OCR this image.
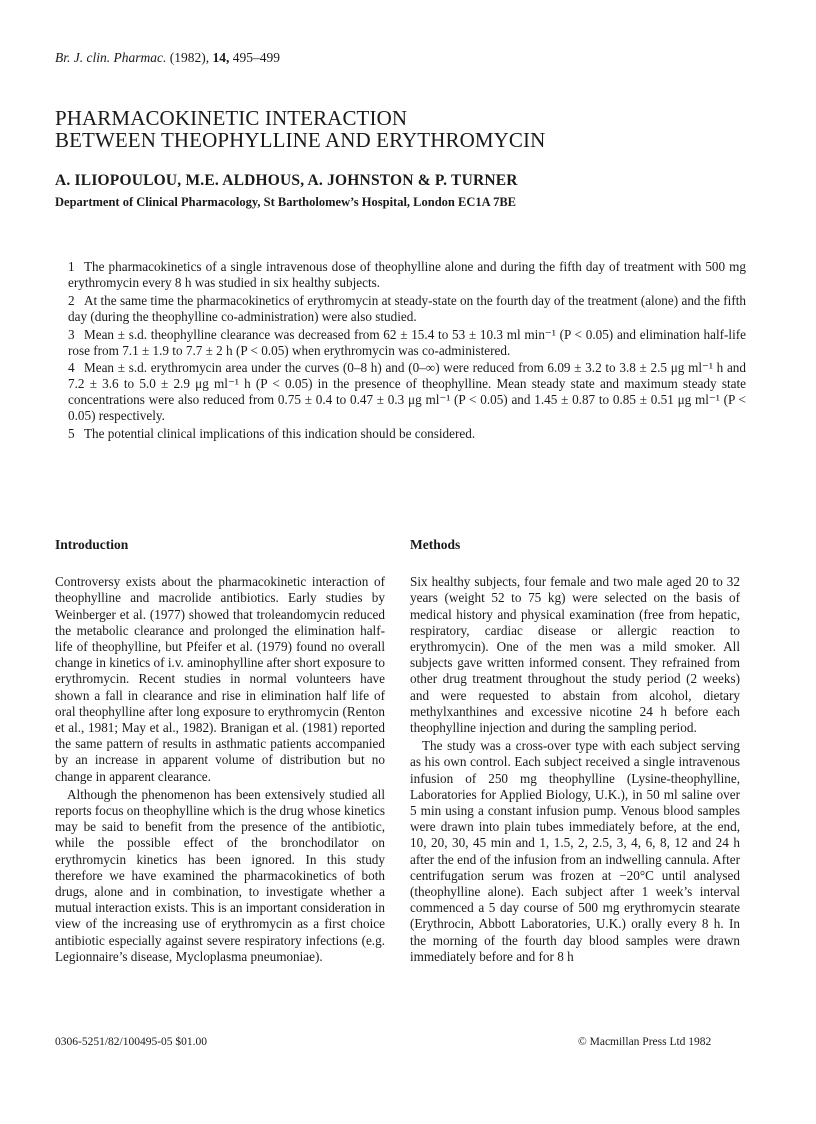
Br. J. clin. Pharmac. (1982), 14, 495–499
PHARMACOKINETIC INTERACTION
BETWEEN THEOPHYLLINE AND ERYTHROMYCIN
A. ILIOPOULOU, M.E. ALDHOUS, A. JOHNSTON & P. TURNER
Department of Clinical Pharmacology, St Bartholomew’s Hospital, London EC1A 7BE

1 The pharmacokinetics of a single intravenous dose of theophylline alone and during the fifth day of treatment with 500 mg erythromycin every 8 h was studied in six healthy subjects.

2 At the same time the pharmacokinetics of erythromycin at steady-state on the fourth day of the treatment (alone) and the fifth day (during the theophylline co-administration) were also studied.

3 Mean ± s.d. theophylline clearance was decreased from 62 ± 15.4 to 53 ± 10.3 ml min⁻¹ (P < 0.05) and elimination half-life rose from 7.1 ± 1.9 to 7.7 ± 2 h (P < 0.05) when erythromycin was co-administered.

4 Mean ± s.d. erythromycin area under the curves (0–8 h) and (0–∞) were reduced from 6.09 ± 3.2 to 3.8 ± 2.5 μg ml⁻¹ h and 7.2 ± 3.6 to 5.0 ± 2.9 μg ml⁻¹ h (P < 0.05) in the presence of theophylline. Mean steady state and maximum steady state concentrations were also reduced from 0.75 ± 0.4 to 0.47 ± 0.3 μg ml⁻¹ (P < 0.05) and 1.45 ± 0.87 to 0.85 ± 0.51 μg ml⁻¹ (P < 0.05) respectively.

5 The potential clinical implications of this indication should be considered.

Introduction

Controversy exists about the pharmacokinetic interaction of theophylline and macrolide antibiotics. Early studies by Weinberger et al. (1977) showed that troleandomycin reduced the metabolic clearance and prolonged the elimination half-life of theophylline, but Pfeifer et al. (1979) found no overall change in kinetics of i.v. aminophylline after short exposure to erythromycin. Recent studies in normal volunteers have shown a fall in clearance and rise in elimination half life of oral theophylline after long exposure to erythromycin (Renton et al., 1981; May et al., 1982). Branigan et al. (1981) reported the same pattern of results in asthmatic patients accompanied by an increase in apparent volume of distribution but no change in apparent clearance.

Although the phenomenon has been extensively studied all reports focus on theophylline which is the drug whose kinetics may be said to benefit from the presence of the antibiotic, while the possible effect of the bronchodilator on erythromycin kinetics has been ignored. In this study therefore we have examined the pharmacokinetics of both drugs, alone and in combination, to investigate whether a mutual interaction exists. This is an important consideration in view of the increasing use of erythromycin as a first choice antibiotic especially against severe respiratory infections (e.g. Legionnaire’s disease, Mycloplasma pneumoniae).

Methods

Six healthy subjects, four female and two male aged 20 to 32 years (weight 52 to 75 kg) were selected on the basis of medical history and physical examination (free from hepatic, respiratory, cardiac disease or allergic reaction to erythromycin). One of the men was a mild smoker. All subjects gave written informed consent. They refrained from other drug treatment throughout the study period (2 weeks) and were requested to abstain from alcohol, dietary methylxanthines and excessive nicotine 24 h before each theophylline injection and during the sampling period.

The study was a cross-over type with each subject serving as his own control. Each subject received a single intravenous infusion of 250 mg theophylline (Lysine-theophylline, Laboratories for Applied Biology, U.K.), in 50 ml saline over 5 min using a constant infusion pump. Venous blood samples were drawn into plain tubes immediately before, at the end, 10, 20, 30, 45 min and 1, 1.5, 2, 2.5, 3, 4, 6, 8, 12 and 24 h after the end of the infusion from an indwelling cannula. After centrifugation serum was frozen at −20°C until analysed (theophylline alone). Each subject after 1 week’s interval commenced a 5 day course of 500 mg erythromycin stearate (Erythrocin, Abbott Laboratories, U.K.) orally every 8 h. In the morning of the fourth day blood samples were drawn immediately before and for 8 h

0306-5251/82/100495-05 $01.00	© Macmillan Press Ltd 1982
